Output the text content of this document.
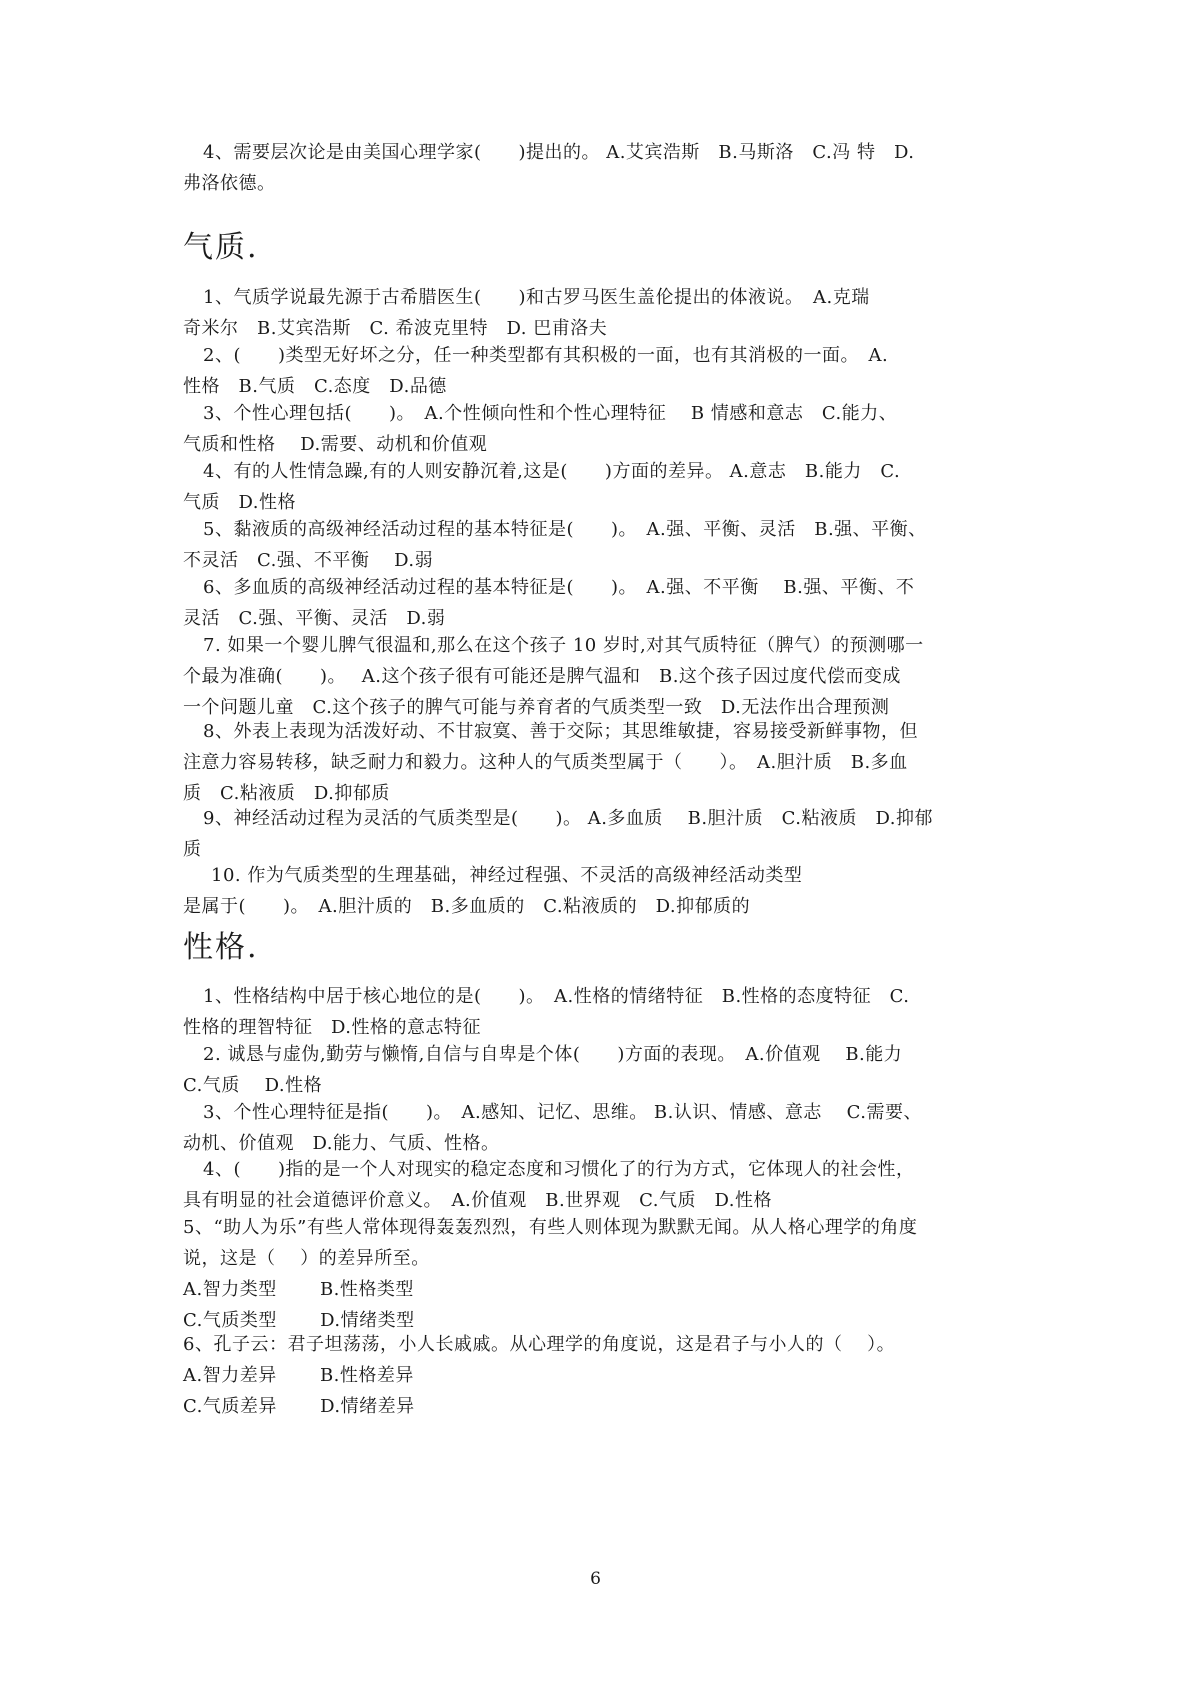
4、需要层次论是由美国心理学家(　　)提出的。 A.艾宾浩斯　B.马斯洛　C.冯 特　D.
弗洛依德。
气质.
1、气质学说最先源于古希腊医生(　　)和古罗马医生盖伦提出的体液说。　A.克瑞
奇米尔　B.艾宾浩斯　C. 希波克里特　D. 巴甫洛夫
2、(　　)类型无好坏之分，任一种类型都有其积极的一面，也有其消极的一面。　A.
性格　B.气质　C.态度　D.品德
3、个性心理包括(　　)。　A.个性倾向性和个性心理特征　 B 情感和意志　C.能力、
气质和性格　 D.需要、动机和价值观
4、有的人性情急躁,有的人则安静沉着,这是(　　)方面的差异。 A.意志　B.能力　C.
气质　D.性格
5、黏液质的高级神经活动过程的基本特征是(　　)。　A.强、平衡、灵活　B.强、平衡、
不灵活　C.强、不平衡　 D.弱
6、多血质的高级神经活动过程的基本特征是(　　)。　A.强、不平衡　 B.强、平衡、不
灵活　C.强、平衡、灵活　D.弱
7. 如果一个婴儿脾气很温和,那么在这个孩子 10 岁时,对其气质特征（脾气）的预测哪一
个最为准确(　　)。　 A.这个孩子很有可能还是脾气温和　B.这个孩子因过度代偿而变成
一个问题儿童　C.这个孩子的脾气可能与养育者的气质类型一致　D.无法作出合理预测
8、外表上表现为活泼好动、不甘寂寞、善于交际；其思维敏捷，容易接受新鲜事物，但
注意力容易转移，缺乏耐力和毅力。这种人的气质类型属于（　　）。　A.胆汁质　B.多血
质　C.粘液质　D.抑郁质
9、神经活动过程为灵活的气质类型是(　　)。 A.多血质　 B.胆汁质　C.粘液质　D.抑郁
质
10. 作为气质类型的生理基础，神经过程强、不灵活的高级神经活动类型
是属于(　　)。　A.胆汁质的　B.多血质的　C.粘液质的　D.抑郁质的
性格.
1、性格结构中居于核心地位的是(　　)。　A.性格的情绪特征　B.性格的态度特征　C.
性格的理智特征　D.性格的意志特征
2. 诚恳与虚伪,勤劳与懒惰,自信与自卑是个体(　　)方面的表现。　A.价值观　 B.能力
C.气质　 D.性格
3、个性心理特征是指(　　)。　A.感知、记忆、思维。 B.认识、情感、意志　 C.需要、
动机、价值观　D.能力、气质、性格。
4、(　　)指的是一个人对现实的稳定态度和习惯化了的行为方式，它体现人的社会性，
具有明显的社会道德评价意义。　A.价值观　B.世界观　C.气质　D.性格
5、“助人为乐”有些人常体现得轰轰烈烈，有些人则体现为默默无闻。从人格心理学的角度
说，这是（　 ）的差异所至。
A.智力类型　　 B.性格类型
C.气质类型　　 D.情绪类型
6、孔子云：君子坦荡荡，小人长戚戚。从心理学的角度说，这是君子与小人的（　 ）。
A.智力差异　　 B.性格差异
C.气质差异　　 D.情绪差异
6
